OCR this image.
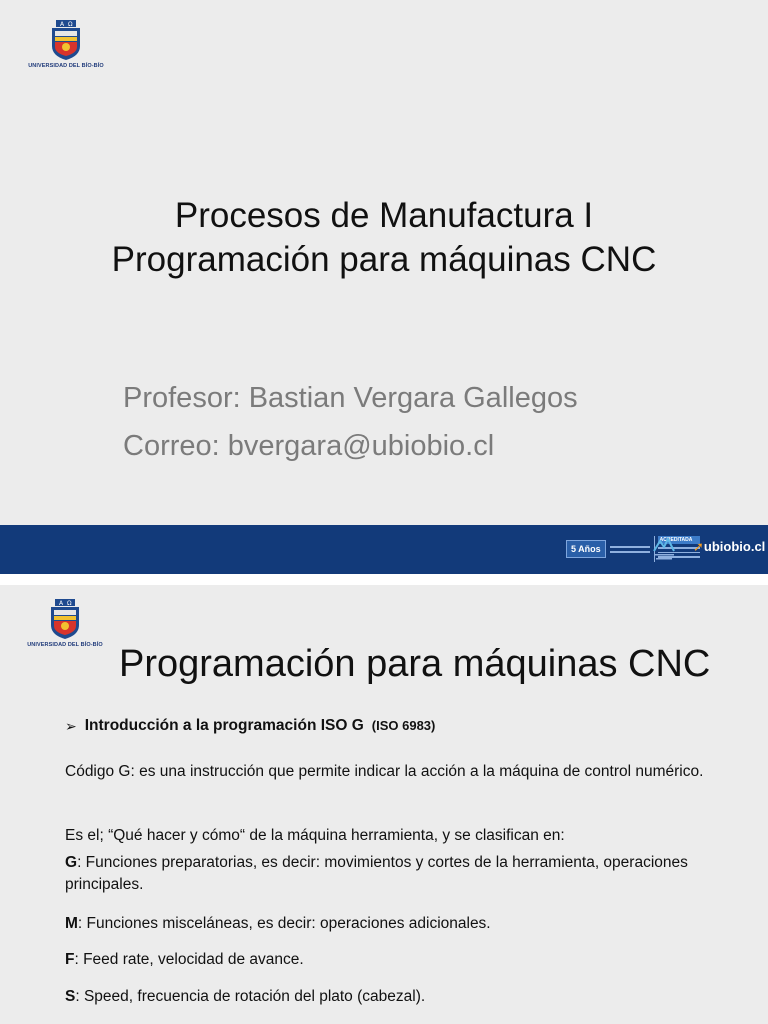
A Ω
UNIVERSIDAD DEL BÍO-BÍO
Procesos de Manufactura I
Programación para máquinas CNC
Profesor: Bastian Vergara Gallegos
Correo: bvergara@ubiobio.cl
5 Años
ACREDITADA ➚ubiobio.cl
A Ω
UNIVERSIDAD DEL BÍO-BÍO Programación para máquinas CNC
➢ Introducción a la programación ISO G (ISO 6983)
Código G: es una instrucción que permite indicar la acción a la máquina de control numérico.
Es el; “Qué hacer y cómo“ de la máquina herramienta, y se clasifican en:
G: Funciones preparatorias, es decir: movimientos y cortes de la herramienta, operaciones principales.
M: Funciones misceláneas, es decir: operaciones adicionales.
F: Feed rate, velocidad de avance.
S: Speed, frecuencia de rotación del plato (cabezal).
